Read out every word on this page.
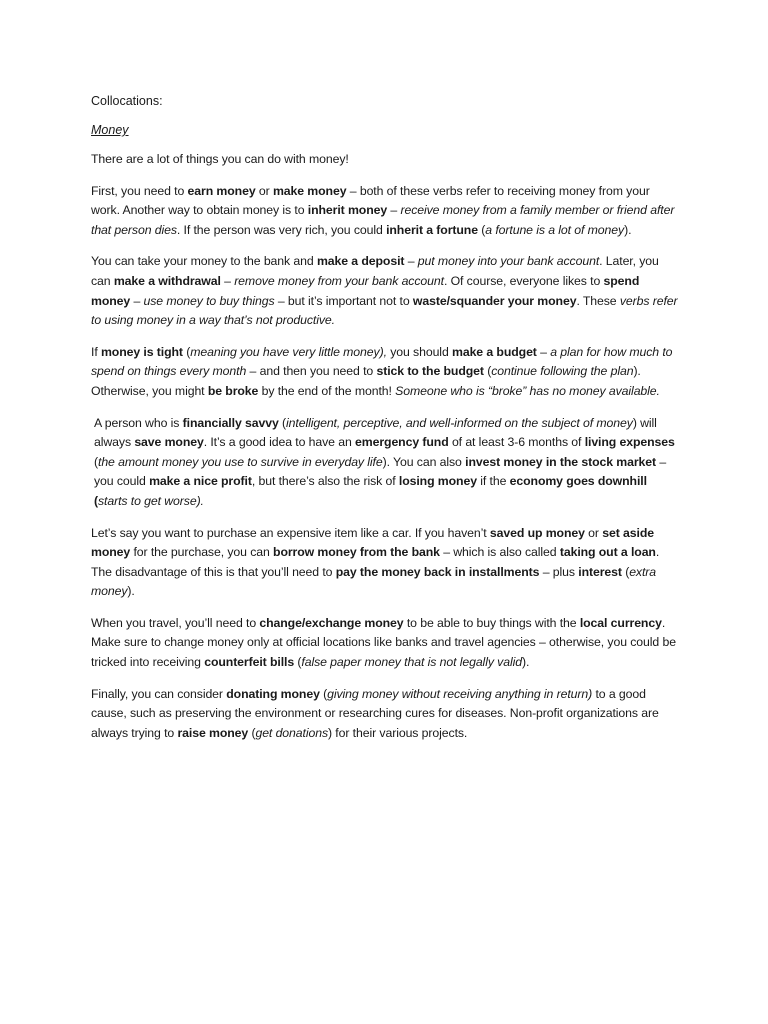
Collocations:
Money

There are a lot of things you can do with money!

First, you need to earn money or make money – both of these verbs refer to receiving money from your work. Another way to obtain money is to inherit money – receive money from a family member or friend after that person dies. If the person was very rich, you could inherit a fortune (a fortune is a lot of money).

You can take your money to the bank and make a deposit – put money into your bank account. Later, you can make a withdrawal – remove money from your bank account. Of course, everyone likes to spend money – use money to buy things – but it’s important not to waste/squander your money. These verbs refer to using money in a way that’s not productive.

If money is tight (meaning you have very little money), you should make a budget – a plan for how much to spend on things every month – and then you need to stick to the budget (continue following the plan). Otherwise, you might be broke by the end of the month! Someone who is “broke” has no money available.

A person who is financially savvy (intelligent, perceptive, and well-informed on the subject of money) will always save money. It’s a good idea to have an emergency fund of at least 3-6 months of living expenses (the amount money you use to survive in everyday life). You can also invest money in the stock market – you could make a nice profit, but there’s also the risk of losing money if the economy goes downhill (starts to get worse).

Let’s say you want to purchase an expensive item like a car. If you haven’t saved up money or set aside money for the purchase, you can borrow money from the bank – which is also called taking out a loan. The disadvantage of this is that you’ll need to pay the money back in installments – plus interest (extra money).

When you travel, you’ll need to change/exchange money to be able to buy things with the local currency. Make sure to change money only at official locations like banks and travel agencies – otherwise, you could be tricked into receiving counterfeit bills (false paper money that is not legally valid).

Finally, you can consider donating money (giving money without receiving anything in return) to a good cause, such as preserving the environment or researching cures for diseases. Non-profit organizations are always trying to raise money (get donations) for their various projects.
